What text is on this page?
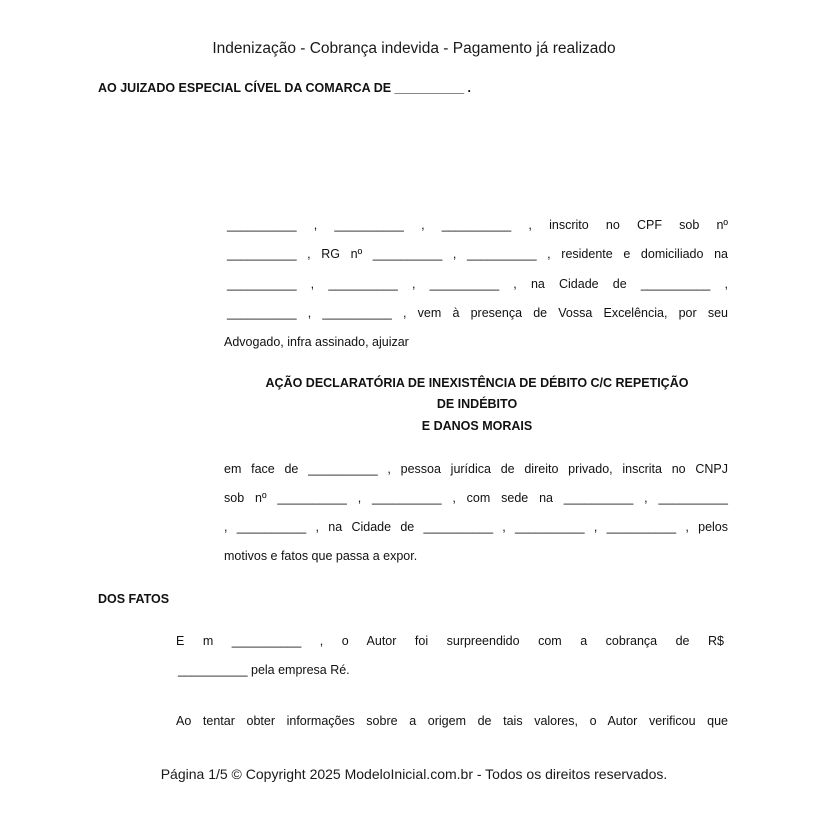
Indenização - Cobrança indevida - Pagamento já realizado
AO JUIZADO ESPECIAL CÍVEL DA COMARCA DE __________ .
__________ , __________ , __________ , inscrito no CPF sob nº
__________ , RG nº __________ , __________ , residente e domiciliado na
__________ , __________ , __________ , na Cidade de __________ ,
__________ , __________ , vem à presença de Vossa Excelência, por seu
Advogado, infra assinado, ajuizar
AÇÃO DECLARATÓRIA DE INEXISTÊNCIA DE DÉBITO C/C REPETIÇÃO
DE INDÉBITO
E DANOS MORAIS
em face de __________ , pessoa jurídica de direito privado, inscrita no CNPJ
sob nº __________ , __________ , com sede na __________ , __________
, __________ , na Cidade de __________ , __________ , __________ , pelos
motivos e fatos que passa a expor.
DOS FATOS
E m __________ , o Autor foi surpreendido com a cobrança de R$
__________ pela empresa Ré.
Ao tentar obter informações sobre a origem de tais valores, o Autor verificou que
Página 1/5 © Copyright 2025 ModeloInicial.com.br - Todos os direitos reservados.
